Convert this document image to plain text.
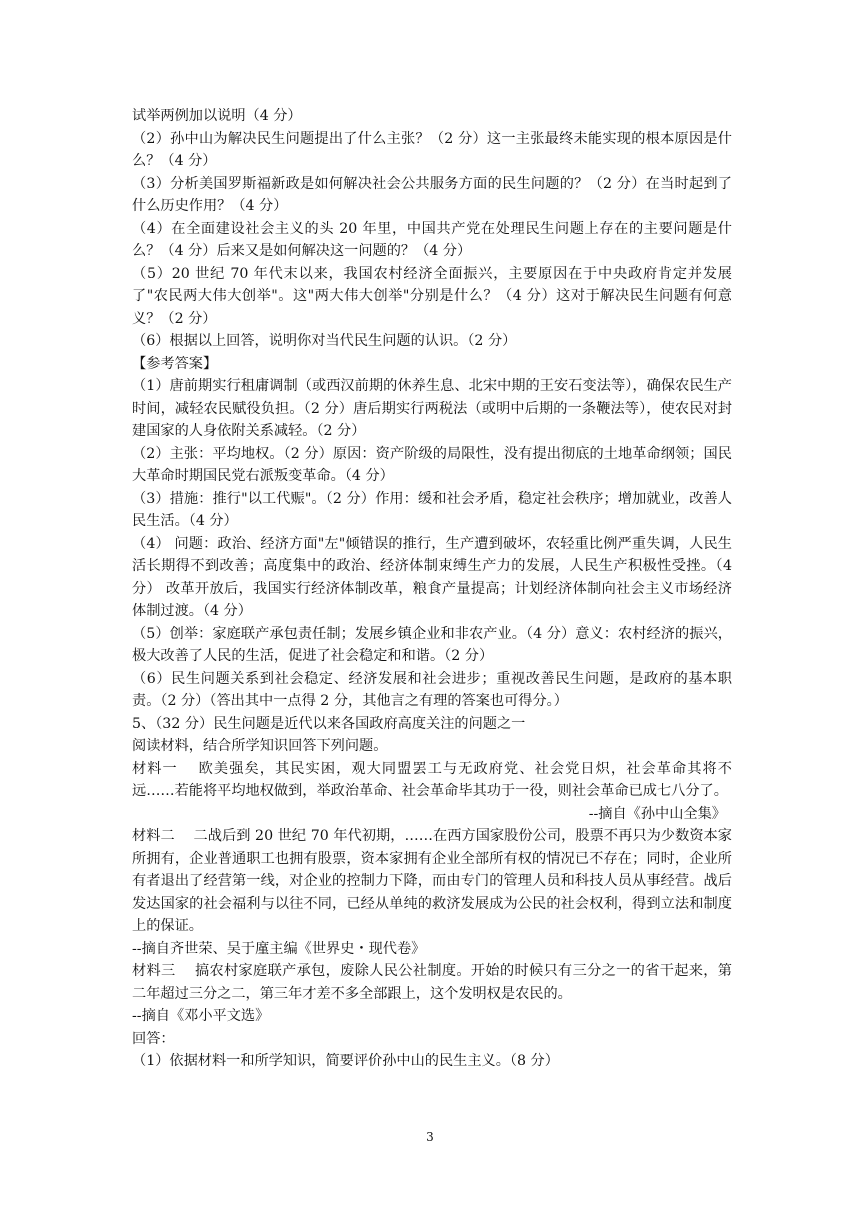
试举两例加以说明（4 分）
（2）孙中山为解决民生问题提出了什么主张？（2 分）这一主张最终未能实现的根本原因是什么？（4 分）
（3）分析美国罗斯福新政是如何解决社会公共服务方面的民生问题的？（2 分）在当时起到了什么历史作用？（4 分）
（4）在全面建设社会主义的头 20 年里，中国共产党在处理民生问题上存在的主要问题是什么？（4 分）后来又是如何解决这一问题的？（4 分）
（5）20 世纪 70 年代末以来，我国农村经济全面振兴，主要原因在于中央政府肯定并发展了"农民两大伟大创举"。这"两大伟大创举"分别是什么？（4 分）这对于解决民生问题有何意义？（2 分）
（6）根据以上回答，说明你对当代民生问题的认识。（2 分）
【参考答案】
（1）唐前期实行租庸调制（或西汉前期的休养生息、北宋中期的王安石变法等），确保农民生产时间，减轻农民赋役负担。（2 分）唐后期实行两税法（或明中后期的一条鞭法等），使农民对封建国家的人身依附关系减轻。（2 分）
（2）主张：平均地权。（2 分）原因：资产阶级的局限性，没有提出彻底的土地革命纲领；国民大革命时期国民党右派叛变革命。（4 分）
（3）措施：推行"以工代赈"。（2 分）作用：缓和社会矛盾，稳定社会秩序；增加就业，改善人民生活。（4 分）
（4） 问题：政治、经济方面"左"倾错误的推行，生产遭到破坏，农轻重比例严重失调，人民生活长期得不到改善；高度集中的政治、经济体制束缚生产力的发展，人民生产积极性受挫。（4 分） 改革开放后，我国实行经济体制改革，粮食产量提高；计划经济体制向社会主义市场经济体制过渡。（4 分）
（5）创举：家庭联产承包责任制；发展乡镇企业和非农产业。（4 分）意义：农村经济的振兴，极大改善了人民的生活，促进了社会稳定和和谐。（2 分）
（6）民生问题关系到社会稳定、经济发展和社会进步；重视改善民生问题，是政府的基本职责。（2 分）（答出其中一点得 2 分，其他言之有理的答案也可得分。）
5、（32 分）民生问题是近代以来各国政府高度关注的问题之一
阅读材料，结合所学知识回答下列问题。
材料一　 欧美强矣，其民实困，观大同盟罢工与无政府党、社会党日炽，社会革命其将不远……若能将平均地权做到，举政治革命、社会革命毕其功于一役，则社会革命已成七八分了。
--摘自《孙中山全集》
材料二　 二战后到 20 世纪 70 年代初期，……在西方国家股份公司，股票不再只为少数资本家所拥有，企业普通职工也拥有股票，资本家拥有企业全部所有权的情况已不存在；同时，企业所有者退出了经营第一线，对企业的控制力下降，而由专门的管理人员和科技人员从事经营。战后发达国家的社会福利与以往不同，已经从单纯的救济发展成为公民的社会权利，得到立法和制度上的保证。
--摘自齐世荣、吴于廑主编《世界史・现代卷》
材料三　 搞农村家庭联产承包，废除人民公社制度。开始的时候只有三分之一的省干起来，第二年超过三分之二，第三年才差不多全部跟上，这个发明权是农民的。
--摘自《邓小平文选》
回答：
（1）依据材料一和所学知识，简要评价孙中山的民生主义。（8 分）
3
